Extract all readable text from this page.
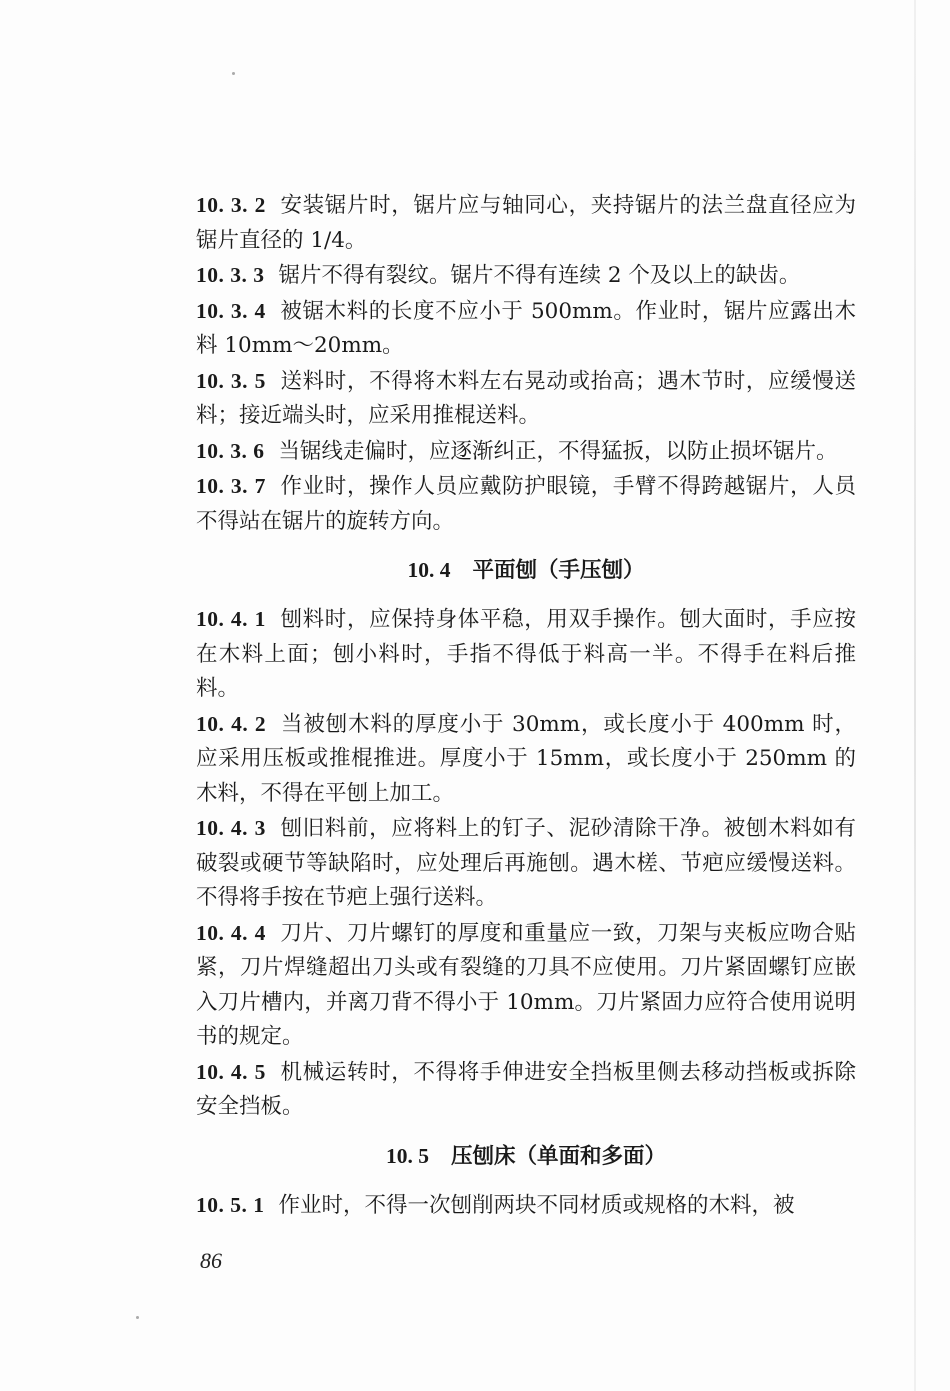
10. 3. 2 安装锯片时，锯片应与轴同心，夹持锯片的法兰盘直径应为锯片直径的 1/4。

10. 3. 3 锯片不得有裂纹。锯片不得有连续 2 个及以上的缺齿。

10. 3. 4 被锯木料的长度不应小于 500mm。作业时，锯片应露出木料 10mm～20mm。

10. 3. 5 送料时，不得将木料左右晃动或抬高；遇木节时，应缓慢送料；接近端头时，应采用推棍送料。

10. 3. 6 当锯线走偏时，应逐渐纠正，不得猛扳，以防止损坏锯片。

10. 3. 7 作业时，操作人员应戴防护眼镜，手臂不得跨越锯片，人员不得站在锯片的旋转方向。

10. 4 平面刨（手压刨）

10. 4. 1 刨料时，应保持身体平稳，用双手操作。刨大面时，手应按在木料上面；刨小料时，手指不得低于料高一半。不得手在料后推料。

10. 4. 2 当被刨木料的厚度小于 30mm，或长度小于 400mm 时，应采用压板或推棍推进。厚度小于 15mm，或长度小于 250mm 的木料，不得在平刨上加工。

10. 4. 3 刨旧料前，应将料上的钉子、泥砂清除干净。被刨木料如有破裂或硬节等缺陷时，应处理后再施刨。遇木槎、节疤应缓慢送料。不得将手按在节疤上强行送料。

10. 4. 4 刀片、刀片螺钉的厚度和重量应一致，刀架与夹板应吻合贴紧，刀片焊缝超出刀头或有裂缝的刀具不应使用。刀片紧固螺钉应嵌入刀片槽内，并离刀背不得小于 10mm。刀片紧固力应符合使用说明书的规定。

10. 4. 5 机械运转时，不得将手伸进安全挡板里侧去移动挡板或拆除安全挡板。

10. 5 压刨床（单面和多面）

10. 5. 1 作业时，不得一次刨削两块不同材质或规格的木料，被

86
